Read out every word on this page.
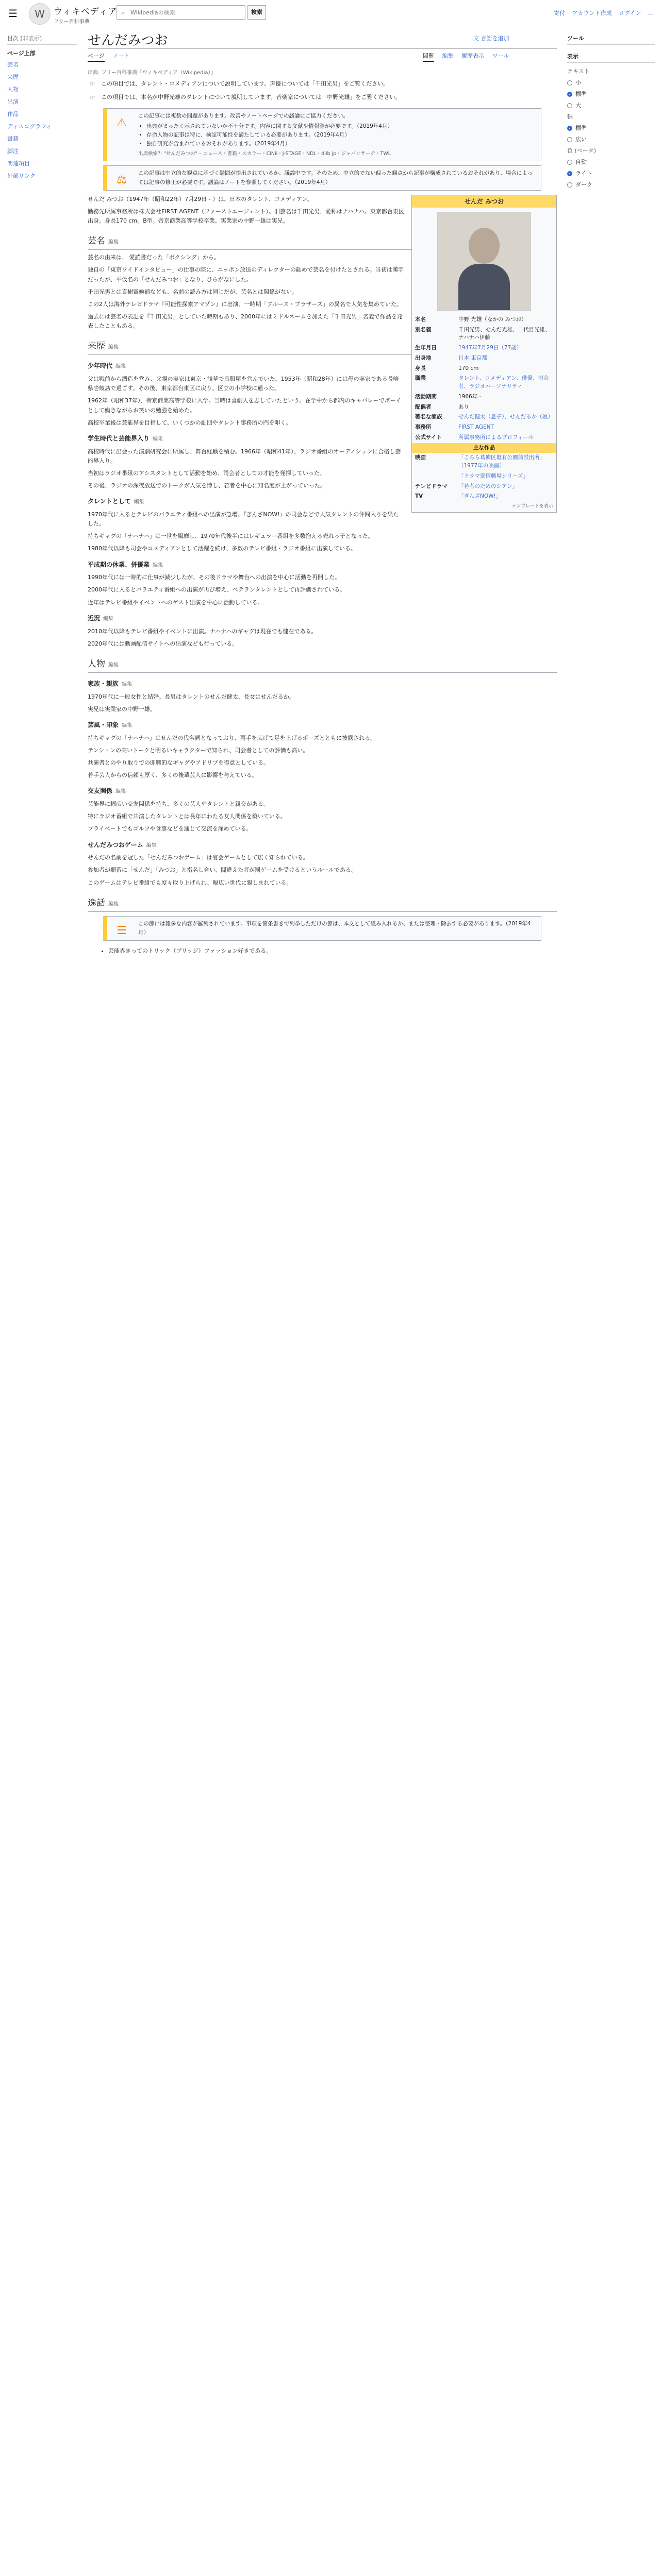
☰	W	ウィキペディア
フリー百科事典
⌕ Wikipediaの検索	検索	寄付 アカウント作成 ログイン …
目次 [非表示]
ページ上部
芸名
来歴
人物
出演
作品
ディスコグラフィ
書籍
脚注
関連項目
外部リンク
せんだみつお	文 言語を追加
ページ ノート	閲覧 編集 履歴表示 ツール
出典: フリー百科事典『ウィキペディア（Wikipedia）』
ツール
表示
テキスト
小
標準
大
幅
標準
広い
色 (ベータ)
自動
ライト
ダーク
☞ この項目では、タレント・コメディアンについて説明しています。声優については「千田光男」をご覧ください。
☞ この項目では、本名が中野光雄のタレントについて説明しています。音楽家については「中野光雄」をご覧ください。
⚠
この記事には複数の問題があります。改善やノートページでの議論にご協力ください。
• 出典がまったく示されていないか不十分です。内容に関する文献や情報源が必要です。（2019年4月）
• 存命人物の記事は特に、検証可能性を満たしている必要があります。（2019年4月）
• 独自研究が含まれているおそれがあります。（2019年4月）
出典検索?: "せんだみつお" – ニュース・書籍・スカラー・CiNii・J-STAGE・NDL・dlib.jp・ジャパンサーチ・TWL
⚖
この記事は中立的な観点に基づく疑問が提出されているか、議論中です。そのため、中立的でない偏った観点から記事が構成されているおそれがあり、場合によっては記事の修正が必要です。議論はノートを参照してください。（2019年4月）
せんだ みつお
本名	中野 光雄（なかの みつお）
別名義	千田光男、せんだ光雄、二代目光雄、ナハナハ伊藤
生年月日	1947年7月29日（77歳）
出身地	日本 東京都
身長	170 cm
職業	タレント、コメディアン、俳優、司会者、ラジオパーソナリティ
活動期間	1966年 -
配偶者	あり
著名な家族	せんだ健太（息子）、せんだるか（娘）
事務所	FIRST AGENT
公式サイト	所属事務所によるプロフィール
主な作品	
映画	「こちら葛飾区亀有公園前派出所」（1977年の映画）
	「ドラマ愛情劇場シリーズ」
テレビドラマ	「若者のためのシアン」
TV	「ぎんざNOW!」
テンプレートを表示

せんだ みつお（1947年（昭和22年）7月29日 - ）は、日本のタレント、コメディアン。

勤務先所属事務所は株式会社FIRST AGENT（ファーストエージェント）。旧芸名は千田光男、愛称はナハナハ。東京都台東区出身。身長170 cm。B型。帝京商業高等学校卒業。実業家の中野一雄は実兄。

芸名 編集

芸名の由来は、 愛読書だった「ボクシング」から。

独自の「東京ワイドインタビュー」の仕事の際に、ニッポン放送のディレクターの勧めで芸名を付けたとされる。当初は漢字だったが、平仮名の「せんだみつお」となり、ひらがなにした。

千田光男とは直樹賞候補なども、名前の読み方は同じだが、芸名とは関係がない。

この2人は海外テレビドラマ『可能性探索アマゾン』に出演、一時期「ブルース・ブラザーズ」の異名で人気を集めていた。

過去には芸名の表記を『千田光男』としていた時期もあり、2000年にはミドルネームを加えた「千田光男」名義で作品を発表したこともある。

来歴 編集
少年時代 編集

父は戦前から酒造を営み、父親の実家は東京・浅草で呉服屋を営んでいた。1953年（昭和28年）には母の実家である長崎県壱岐島で過ごす。その後、東京都台東区に戻り、区立の小学校に通った。

1962年（昭和37年）、帝京商業高等学校に入学。当時は喜劇人を志していたという。在学中から都内のキャバレーでボーイとして働きながらお笑いの勉強を始めた。

高校卒業後は芸能界を目指して、いくつかの劇団やタレント事務所の門を叩く。

学生時代と芸能界入り 編集

高校時代に出会った演劇研究会に所属し、舞台経験を積む。1966年（昭和41年）、ラジオ番組のオーディションに合格し芸能界入り。

当初はラジオ番組のアシスタントとして活動を始め、司会者としての才能を発揮していった。

その後、ラジオの深夜放送でのトークが人気を博し、若者を中心に知名度が上がっていった。

タレントとして 編集

1970年代に入るとテレビのバラエティ番組への出演が急増。『ぎんざNOW!』の司会などで人気タレントの仲間入りを果たした。

持ちギャグの「ナハナハ」は一世を風靡し、1970年代後半にはレギュラー番組を多数抱える売れっ子となった。

1980年代以降も司会やコメディアンとして活躍を続け、多数のテレビ番組・ラジオ番組に出演している。

平成期の休業、併優業 編集

1990年代には一時的に仕事が減少したが、その後ドラマや舞台への出演を中心に活動を再開した。

2000年代に入るとバラエティ番組への出演が再び増え、ベテランタレントとして再評価されている。

近年はテレビ番組やイベントへのゲスト出演を中心に活動している。

近況 編集

2010年代以降もテレビ番組やイベントに出演。ナハナハのギャグは現在でも健在である。

2020年代には動画配信サイトへの出演なども行っている。

人物 編集
家族・親族 編集

1970年代に一般女性と結婚。長男はタレントのせんだ健太、長女はせんだるか。

実兄は実業家の中野一雄。

芸風・印象 編集

持ちギャグの「ナハナハ」はせんだの代名詞となっており、両手を広げて足を上げるポーズとともに披露される。

テンションの高いトークと明るいキャラクターで知られ、司会者としての評価も高い。

共演者とのやり取りでの即興的なギャグやアドリブを得意としている。

若手芸人からの信頼も厚く、多くの後輩芸人に影響を与えている。

交友関係 編集

芸能界に幅広い交友関係を持ち、多くの芸人やタレントと親交がある。

特にラジオ番組で共演したタレントとは長年にわたる友人関係を築いている。

プライベートでもゴルフや食事などを通じて交流を深めている。

せんだみつおゲーム 編集

せんだの名前を冠した「せんだみつおゲーム」は宴会ゲームとして広く知られている。

参加者が順番に「せんだ」「みつお」と指名し合い、間違えた者が罰ゲームを受けるというルールである。

このゲームはテレビ番組でも度々取り上げられ、幅広い世代に親しまれている。

逸話 編集
☰
この節には雑多な内容が羅列されています。事項を箇条書きで列挙しただけの節は、本文として組み入れるか、または整理・除去する必要があります。（2019年4月）
• 芸能界きってのトリック（ブリッジ）ファッション好きである。
